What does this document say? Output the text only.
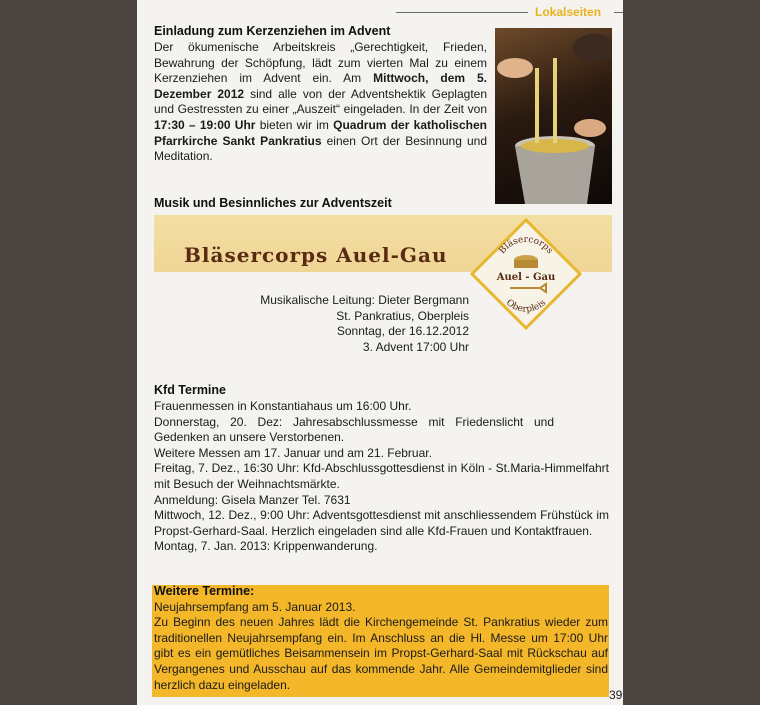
Lokalseiten
Einladung zum Kerzenziehen im Advent
Der ökumenische Arbeitskreis „Gerechtigkeit, Frieden, Bewahrung der Schöpfung, lädt zum vierten Mal zu einem Kerzenziehen im Advent ein. Am Mittwoch, dem 5. Dezember 2012 sind alle von der Adventshektik Geplagten und Gestressten zu einer „Auszeit“ eingeladen. In der Zeit von 17:30 – 19:00 Uhr bieten wir im Quadrum der katholischen Pfarrkirche Sankt Pankratius einen Ort der Besinnung und Meditation.
Musik und Besinnliches zur Adventszeit
Bläsercorps Auel-Gau	Bläsercorps
Auel - Gau
Oberpleis
Musikalische Leitung: Dieter Bergmann
St. Pankratius, Oberpleis
Sonntag, der 16.12.2012
3. Advent 17:00 Uhr
Kfd Termine
Frauenmessen in Konstantiahaus um 16:00 Uhr.
Donnerstag, 20. Dez: Jahresabschlussmesse mit Friedenslicht und Gedenken an unsere Verstorbenen.
Weitere Messen am 17. Januar und am 21. Februar.
Freitag, 7. Dez., 16:30 Uhr: Kfd-Abschlussgottesdienst in Köln - St.Maria-Himmelfahrt mit Besuch der Weihnachtsmärkte.
Anmeldung: Gisela Manzer Tel. 7631
Mittwoch, 12. Dez., 9:00 Uhr: Adventsgottesdienst mit anschliessendem Frühstück im Propst-Gerhard-Saal. Herzlich eingeladen sind alle Kfd-Frauen und Kontaktfrauen.
Montag, 7. Jan. 2013: Krippenwanderung.
Weitere Termine:
Neujahrsempfang am 5. Januar 2013.
Zu Beginn des neuen Jahres lädt die Kirchengemeinde St. Pankratius wieder zum traditionellen Neujahrsempfang ein. Im Anschluss an die Hl. Messe um 17:00 Uhr gibt es ein gemütliches Beisammensein im Propst-Gerhard-Saal mit Rückschau auf Vergangenes und Ausschau auf das kommende Jahr. Alle Gemeindemitglieder sind herzlich dazu eingeladen.
39
